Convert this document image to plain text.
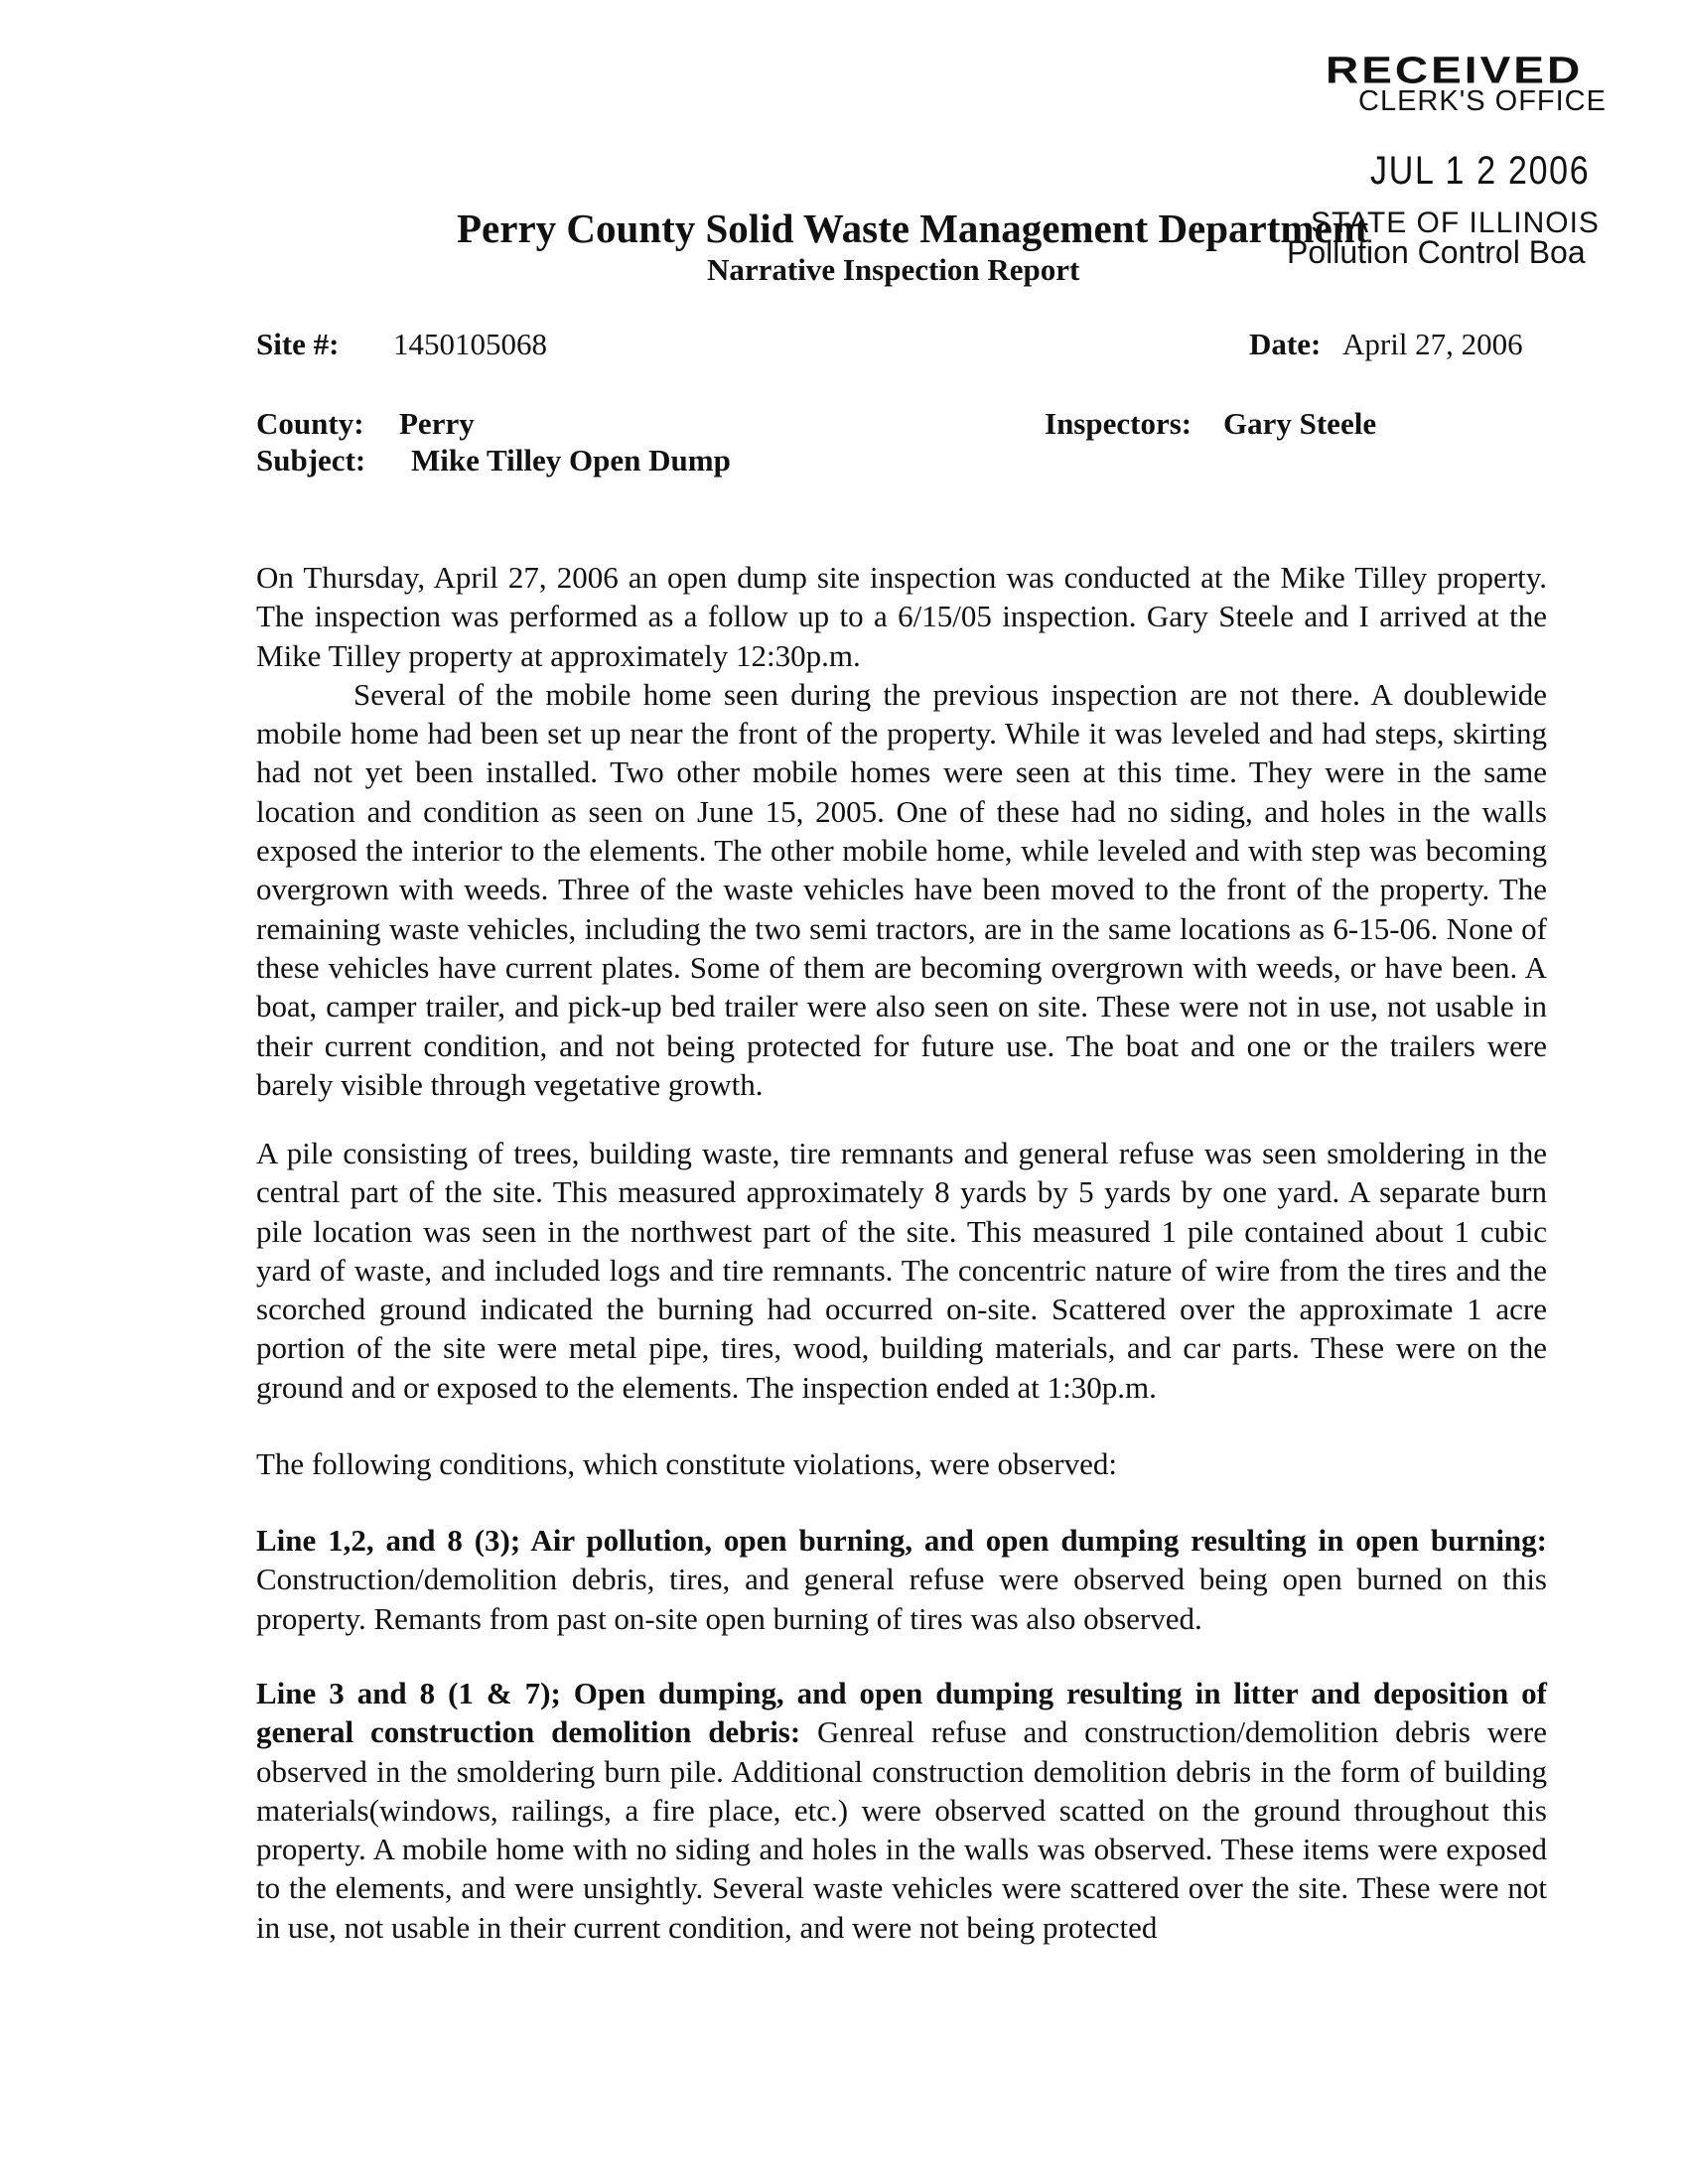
RECEIVED
CLERK'S OFFICE
JUL 1 2 2006
Perry County Solid Waste Management Department
STATE OF ILLINOIS
Pollution Control Boa
Narrative Inspection Report
Site #: 1450105068	Date: April 27, 2006
County: Perry	Inspectors: Gary Steele
Subject: Mike Tilley Open Dump

On Thursday, April 27, 2006 an open dump site inspection was conducted at the Mike Tilley property. The inspection was performed as a follow up to a 6/15/05 inspection. Gary Steele and I arrived at the Mike Tilley property at approximately 12:30p.m.

Several of the mobile home seen during the previous inspection are not there. A doublewide mobile home had been set up near the front of the property. While it was leveled and had steps, skirting had not yet been installed. Two other mobile homes were seen at this time. They were in the same location and condition as seen on June 15, 2005. One of these had no siding, and holes in the walls exposed the interior to the elements. The other mobile home, while leveled and with step was becoming overgrown with weeds. Three of the waste vehicles have been moved to the front of the property. The remaining waste vehicles, including the two semi tractors, are in the same locations as 6-15-06. None of these vehicles have current plates. Some of them are becoming overgrown with weeds, or have been. A boat, camper trailer, and pick-up bed trailer were also seen on site. These were not in use, not usable in their current condition, and not being protected for future use. The boat and one or the trailers were barely visible through vegetative growth.

A pile consisting of trees, building waste, tire remnants and general refuse was seen smoldering in the central part of the site. This measured approximately 8 yards by 5 yards by one yard. A separate burn pile location was seen in the northwest part of the site. This measured 1 pile contained about 1 cubic yard of waste, and included logs and tire remnants. The concentric nature of wire from the tires and the scorched ground indicated the burning had occurred on-site. Scattered over the approximate 1 acre portion of the site were metal pipe, tires, wood, building materials, and car parts. These were on the ground and or exposed to the elements. The inspection ended at 1:30p.m.

The following conditions, which constitute violations, were observed:

Line 1,2, and 8 (3); Air pollution, open burning, and open dumping resulting in open burning: Construction/demolition debris, tires, and general refuse were observed being open burned on this property. Remants from past on-site open burning of tires was also observed.

Line 3 and 8 (1 & 7); Open dumping, and open dumping resulting in litter and deposition of general construction demolition debris: Genreal refuse and construction/demolition debris were observed in the smoldering burn pile. Additional construction demolition debris in the form of building materials(windows, railings, a fire place, etc.) were observed scatted on the ground throughout this property. A mobile home with no siding and holes in the walls was observed. These items were exposed to the elements, and were unsightly. Several waste vehicles were scattered over the site. These were not in use, not usable in their current condition, and were not being protected
